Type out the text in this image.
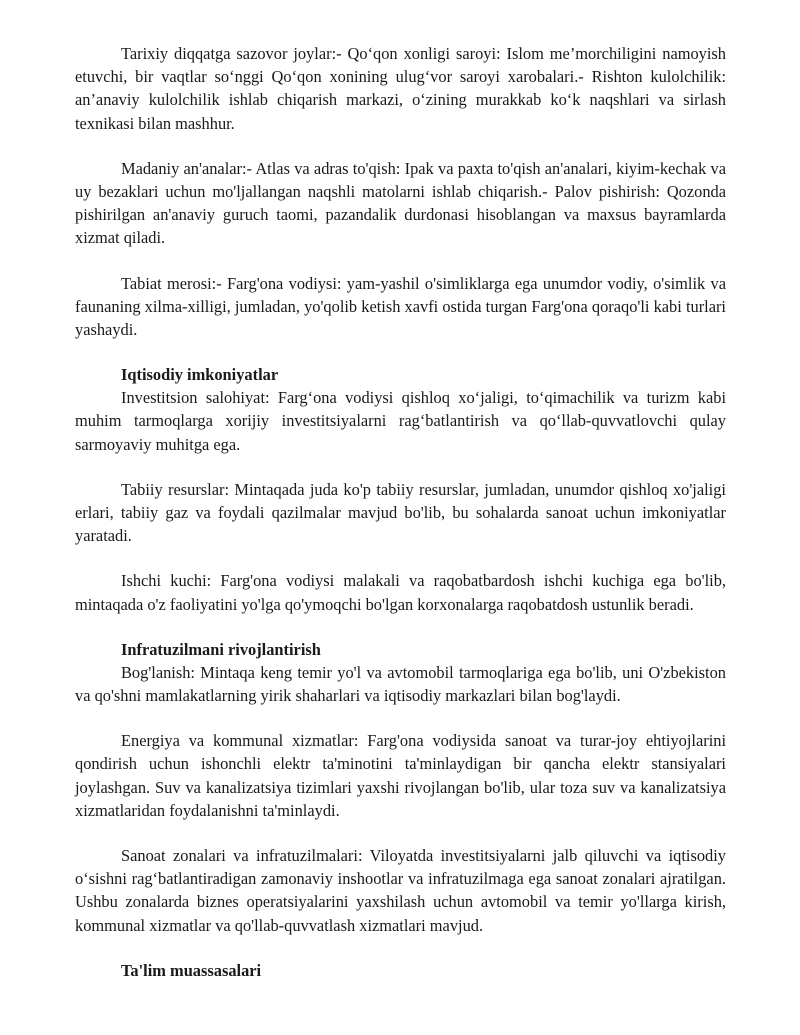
Tarixiy diqqatga sazovor joylar:- Qo‘qon xonligi saroyi: Islom me’morchiligini namoyish etuvchi, bir vaqtlar so‘nggi Qo‘qon xonining ulug‘vor saroyi xarobalari.- Rishton kulolchilik: an’anaviy kulolchilik ishlab chiqarish markazi, o‘zining murakkab ko‘k naqshlari va sirlash texnikasi bilan mashhur.

Madaniy an'analar:- Atlas va adras to'qish: Ipak va paxta to'qish an'analari, kiyim-kechak va uy bezaklari uchun mo'ljallangan naqshli matolarni ishlab chiqarish.- Palov pishirish: Qozonda pishirilgan an'anaviy guruch taomi, pazandalik durdonasi hisoblangan va maxsus bayramlarda xizmat qiladi.

Tabiat merosi:- Farg'ona vodiysi: yam-yashil o'simliklarga ega unumdor vodiy, o'simlik va faunaning xilma-xilligi, jumladan, yo'qolib ketish xavfi ostida turgan Farg'ona qoraqo'li kabi turlari yashaydi.

Iqtisodiy imkoniyatlar

Investitsion salohiyat: Farg‘ona vodiysi qishloq xo‘jaligi, to‘qimachilik va turizm kabi muhim tarmoqlarga xorijiy investitsiyalarni rag‘batlantirish va qo‘llab-quvvatlovchi qulay sarmoyaviy muhitga ega.

Tabiiy resurslar: Mintaqada juda ko'p tabiiy resurslar, jumladan, unumdor qishloq xo'jaligi erlari, tabiiy gaz va foydali qazilmalar mavjud bo'lib, bu sohalarda sanoat uchun imkoniyatlar yaratadi.

Ishchi kuchi: Farg'ona vodiysi malakali va raqobatbardosh ishchi kuchiga ega bo'lib, mintaqada o'z faoliyatini yo'lga qo'ymoqchi bo'lgan korxonalarga raqobatdosh ustunlik beradi.

Infratuzilmani rivojlantirish

Bog'lanish: Mintaqa keng temir yo'l va avtomobil tarmoqlariga ega bo'lib, uni O'zbekiston va qo'shni mamlakatlarning yirik shaharlari va iqtisodiy markazlari bilan bog'laydi.

Energiya va kommunal xizmatlar: Farg'ona vodiysida sanoat va turar-joy ehtiyojlarini qondirish uchun ishonchli elektr ta'minotini ta'minlaydigan bir qancha elektr stansiyalari joylashgan. Suv va kanalizatsiya tizimlari yaxshi rivojlangan bo'lib, ular toza suv va kanalizatsiya xizmatlaridan foydalanishni ta'minlaydi.

Sanoat zonalari va infratuzilmalari: Viloyatda investitsiyalarni jalb qiluvchi va iqtisodiy o‘sishni rag‘batlantiradigan zamonaviy inshootlar va infratuzilmaga ega sanoat zonalari ajratilgan. Ushbu zonalarda biznes operatsiyalarini yaxshilash uchun avtomobil va temir yo'llarga kirish, kommunal xizmatlar va qo'llab-quvvatlash xizmatlari mavjud.

Ta'lim muassasalari
